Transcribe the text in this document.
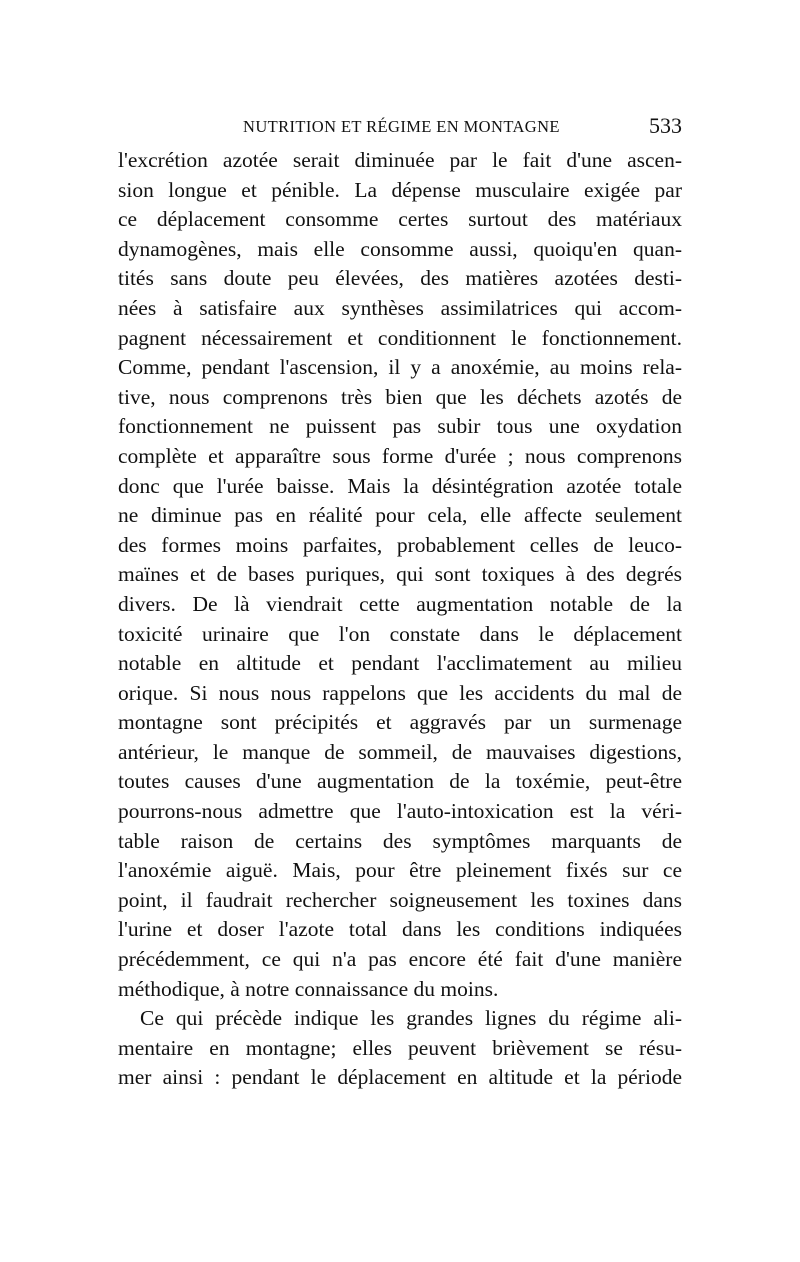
NUTRITION ET RÉGIME EN MONTAGNE	533
l'excrétion azotée serait diminuée par le fait d'une ascen-
sion longue et pénible. La dépense musculaire exigée par
ce déplacement consomme certes surtout des matériaux
dynamogènes, mais elle consomme aussi, quoiqu'en quan-
tités sans doute peu élevées, des matières azotées desti-
nées à satisfaire aux synthèses assimilatrices qui accom-
pagnent nécessairement et conditionnent le fonctionnement.
Comme, pendant l'ascension, il y a anoxémie, au moins rela-
tive, nous comprenons très bien que les déchets azotés de
fonctionnement ne puissent pas subir tous une oxydation
complète et apparaître sous forme d'urée ; nous comprenons
donc que l'urée baisse. Mais la désintégration azotée totale
ne diminue pas en réalité pour cela, elle affecte seulement
des formes moins parfaites, probablement celles de leuco-
maïnes et de bases puriques, qui sont toxiques à des degrés
divers. De là viendrait cette augmentation notable de la
toxicité urinaire que l'on constate dans le déplacement
notable en altitude et pendant l'acclimatement au milieu
orique. Si nous nous rappelons que les accidents du mal de
montagne sont précipités et aggravés par un surmenage
antérieur, le manque de sommeil, de mauvaises digestions,
toutes causes d'une augmentation de la toxémie, peut-être
pourrons-nous admettre que l'auto-intoxication est la véri-
table raison de certains des symptômes marquants de
l'anoxémie aiguë. Mais, pour être pleinement fixés sur ce
point, il faudrait rechercher soigneusement les toxines dans
l'urine et doser l'azote total dans les conditions indiquées
précédemment, ce qui n'a pas encore été fait d'une manière
méthodique, à notre connaissance du moins.
Ce qui précède indique les grandes lignes du régime ali-
mentaire en montagne; elles peuvent brièvement se résu-
mer ainsi : pendant le déplacement en altitude et la période
